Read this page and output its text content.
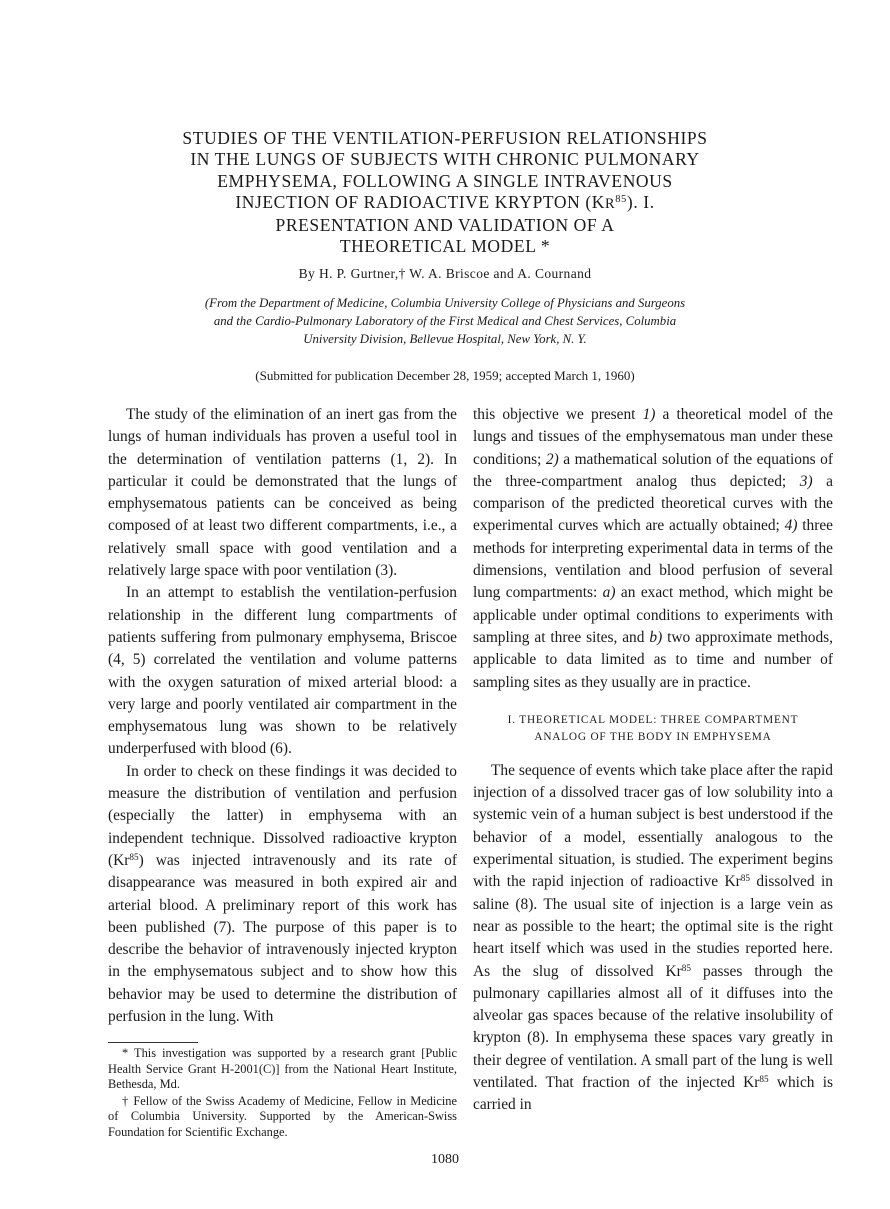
STUDIES OF THE VENTILATION-PERFUSION RELATIONSHIPS
IN THE LUNGS OF SUBJECTS WITH CHRONIC PULMONARY
EMPHYSEMA, FOLLOWING A SINGLE INTRAVENOUS
INJECTION OF RADIOACTIVE KRYPTON (KR$^{85}$). I.
PRESENTATION AND VALIDATION OF A
THEORETICAL MODEL *
By H. P. Gurtner,† W. A. Briscoe and A. Cournand
(From the Department of Medicine, Columbia University College of Physicians and Surgeons
and the Cardio-Pulmonary Laboratory of the First Medical and Chest Services, Columbia
University Division, Bellevue Hospital, New York, N. Y.
(Submitted for publication December 28, 1959; accepted March 1, 1960)

The study of the elimination of an inert gas from the lungs of human individuals has proven a useful tool in the determination of ventilation patterns (1, 2). In particular it could be demonstrated that the lungs of emphysematous patients can be conceived as being composed of at least two different compartments, i.e., a relatively small space with good ventilation and a relatively large space with poor ventilation (3).

In an attempt to establish the ventilation-perfusion relationship in the different lung compartments of patients suffering from pulmonary emphysema, Briscoe (4, 5) correlated the ventilation and volume patterns with the oxygen saturation of mixed arterial blood: a very large and poorly ventilated air compartment in the emphysematous lung was shown to be relatively underperfused with blood (6).

In order to check on these findings it was decided to measure the distribution of ventilation and perfusion (especially the latter) in emphysema with an independent technique. Dissolved radioactive krypton (Kr$^{85}$) was injected intravenously and its rate of disappearance was measured in both expired air and arterial blood. A preliminary report of this work has been published (7). The purpose of this paper is to describe the behavior of intravenously injected krypton in the emphysematous subject and to show how this behavior may be used to determine the distribution of perfusion in the lung. With

this objective we present 1) a theoretical model of the lungs and tissues of the emphysematous man under these conditions; 2) a mathematical solution of the equations of the three-compartment analog thus depicted; 3) a comparison of the predicted theoretical curves with the experimental curves which are actually obtained; 4) three methods for interpreting experimental data in terms of the dimensions, ventilation and blood perfusion of several lung compartments: a) an exact method, which might be applicable under optimal conditions to experiments with sampling at three sites, and b) two approximate methods, applicable to data limited as to time and number of sampling sites as they usually are in practice.

I. THEORETICAL MODEL: THREE COMPARTMENT
ANALOG OF THE BODY IN EMPHYSEMA

The sequence of events which take place after the rapid injection of a dissolved tracer gas of low solubility into a systemic vein of a human subject is best understood if the behavior of a model, essentially analogous to the experimental situation, is studied. The experiment begins with the rapid injection of radioactive Kr$^{85}$ dissolved in saline (8). The usual site of injection is a large vein as near as possible to the heart; the optimal site is the right heart itself which was used in the studies reported here. As the slug of dissolved Kr$^{85}$ passes through the pulmonary capillaries almost all of it diffuses into the alveolar gas spaces because of the relative insolubility of krypton (8). In emphysema these spaces vary greatly in their degree of ventilation. A small part of the lung is well ventilated. That fraction of the injected Kr$^{85}$ which is carried in

* This investigation was supported by a research grant [Public Health Service Grant H-2001(C)] from the National Heart Institute, Bethesda, Md.

† Fellow of the Swiss Academy of Medicine, Fellow in Medicine of Columbia University. Supported by the American-Swiss Foundation for Scientific Exchange.

1080
